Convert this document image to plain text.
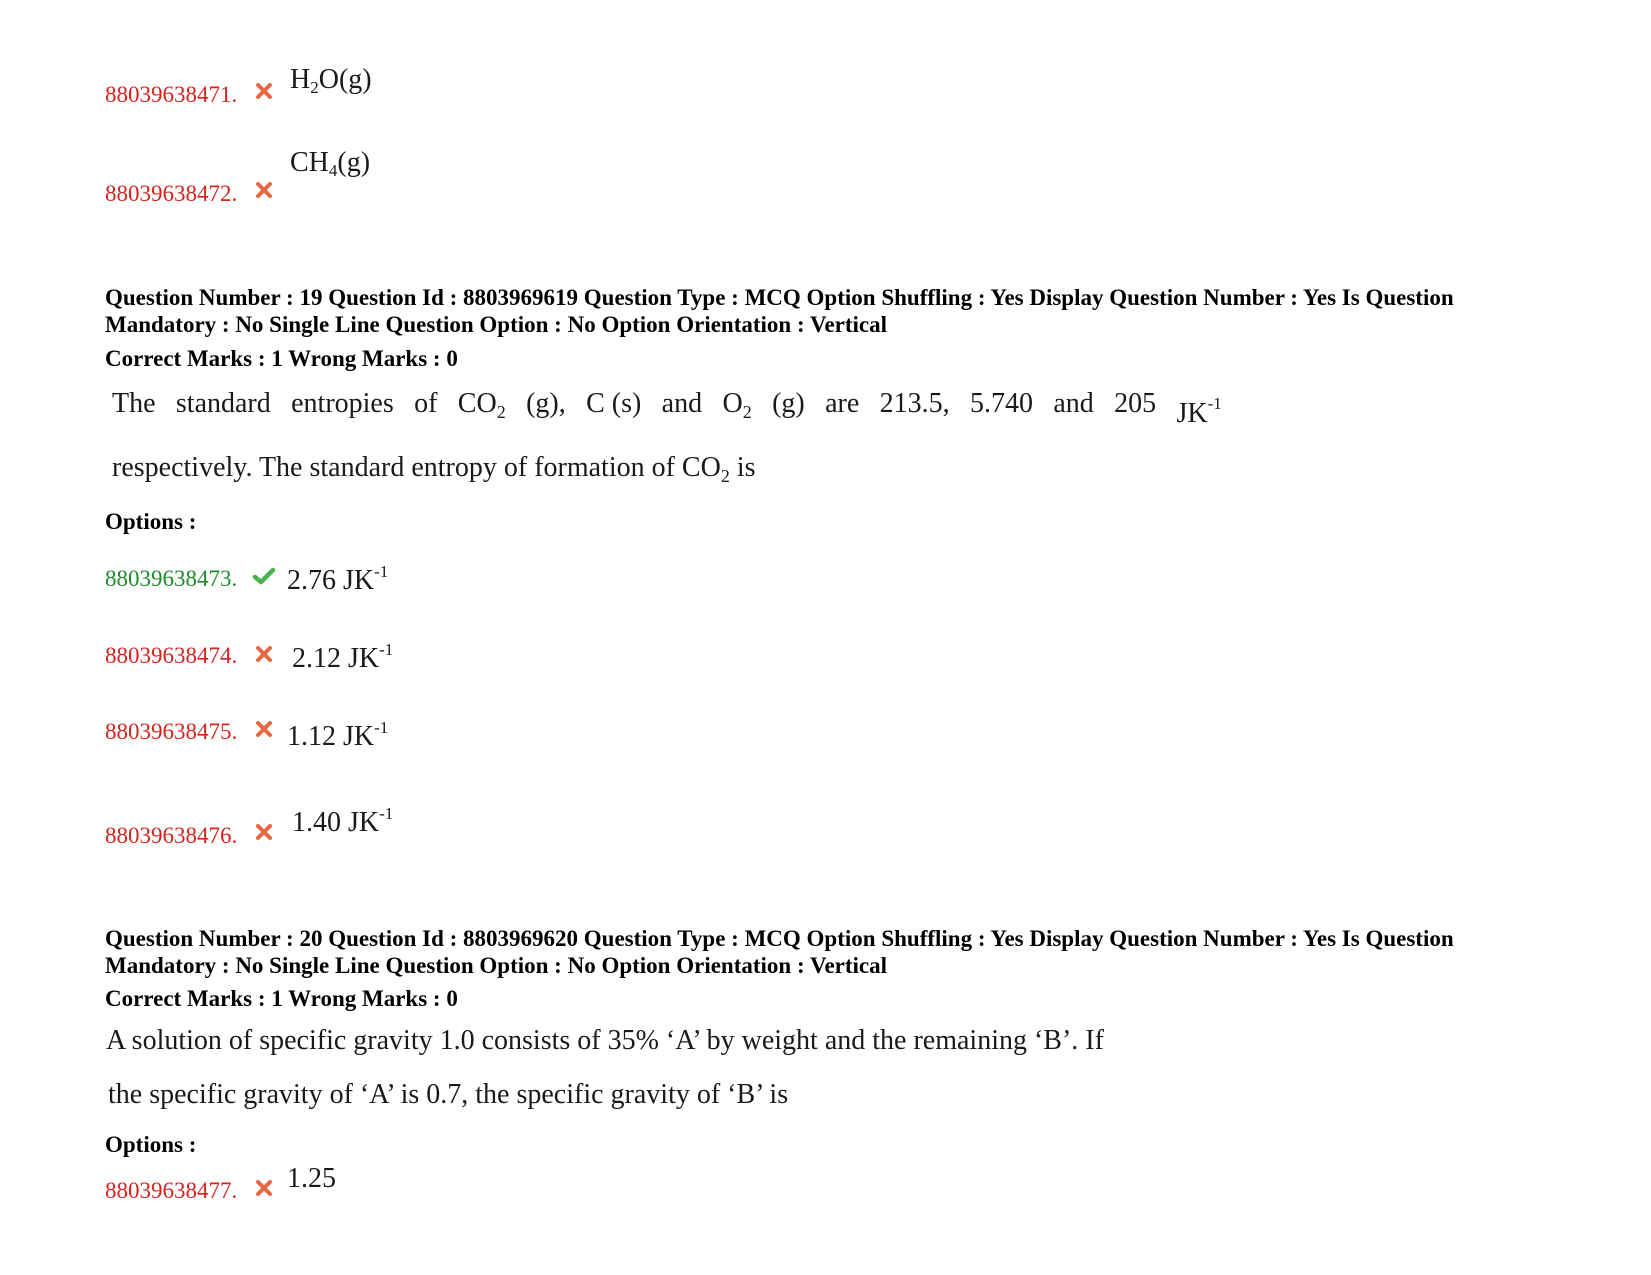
88039638471. $H_2O(g)$
88039638472.
$CH_4(g)$
Question Number : 19 Question Id : 8803969619 Question Type : MCQ Option Shuffling : Yes Display Question Number : Yes Is Question
Mandatory : No Single Line Question Option : No Option Orientation : Vertical
Correct Marks : 1 Wrong Marks : 0
The standard entropies of $CO_2$ (g), C (s) and $O_2$ (g) are 213.5, 5.740 and 205 $JK^{-1}$
respectively. The standard entropy of formation of $CO_2$ is
Options :
88039638473. 2.76 $JK^{-1}$
88039638474. 2.12 $JK^{-1}$
88039638475. 1.12 $JK^{-1}$
88039638476. 1.40 $JK^{-1}$
Question Number : 20 Question Id : 8803969620 Question Type : MCQ Option Shuffling : Yes Display Question Number : Yes Is Question
Mandatory : No Single Line Question Option : No Option Orientation : Vertical
Correct Marks : 1 Wrong Marks : 0
A solution of specific gravity 1.0 consists of 35% ‘A’ by weight and the remaining ‘B’. If
the specific gravity of ‘A’ is 0.7, the specific gravity of ‘B’ is
Options :
88039638477. 1.25
